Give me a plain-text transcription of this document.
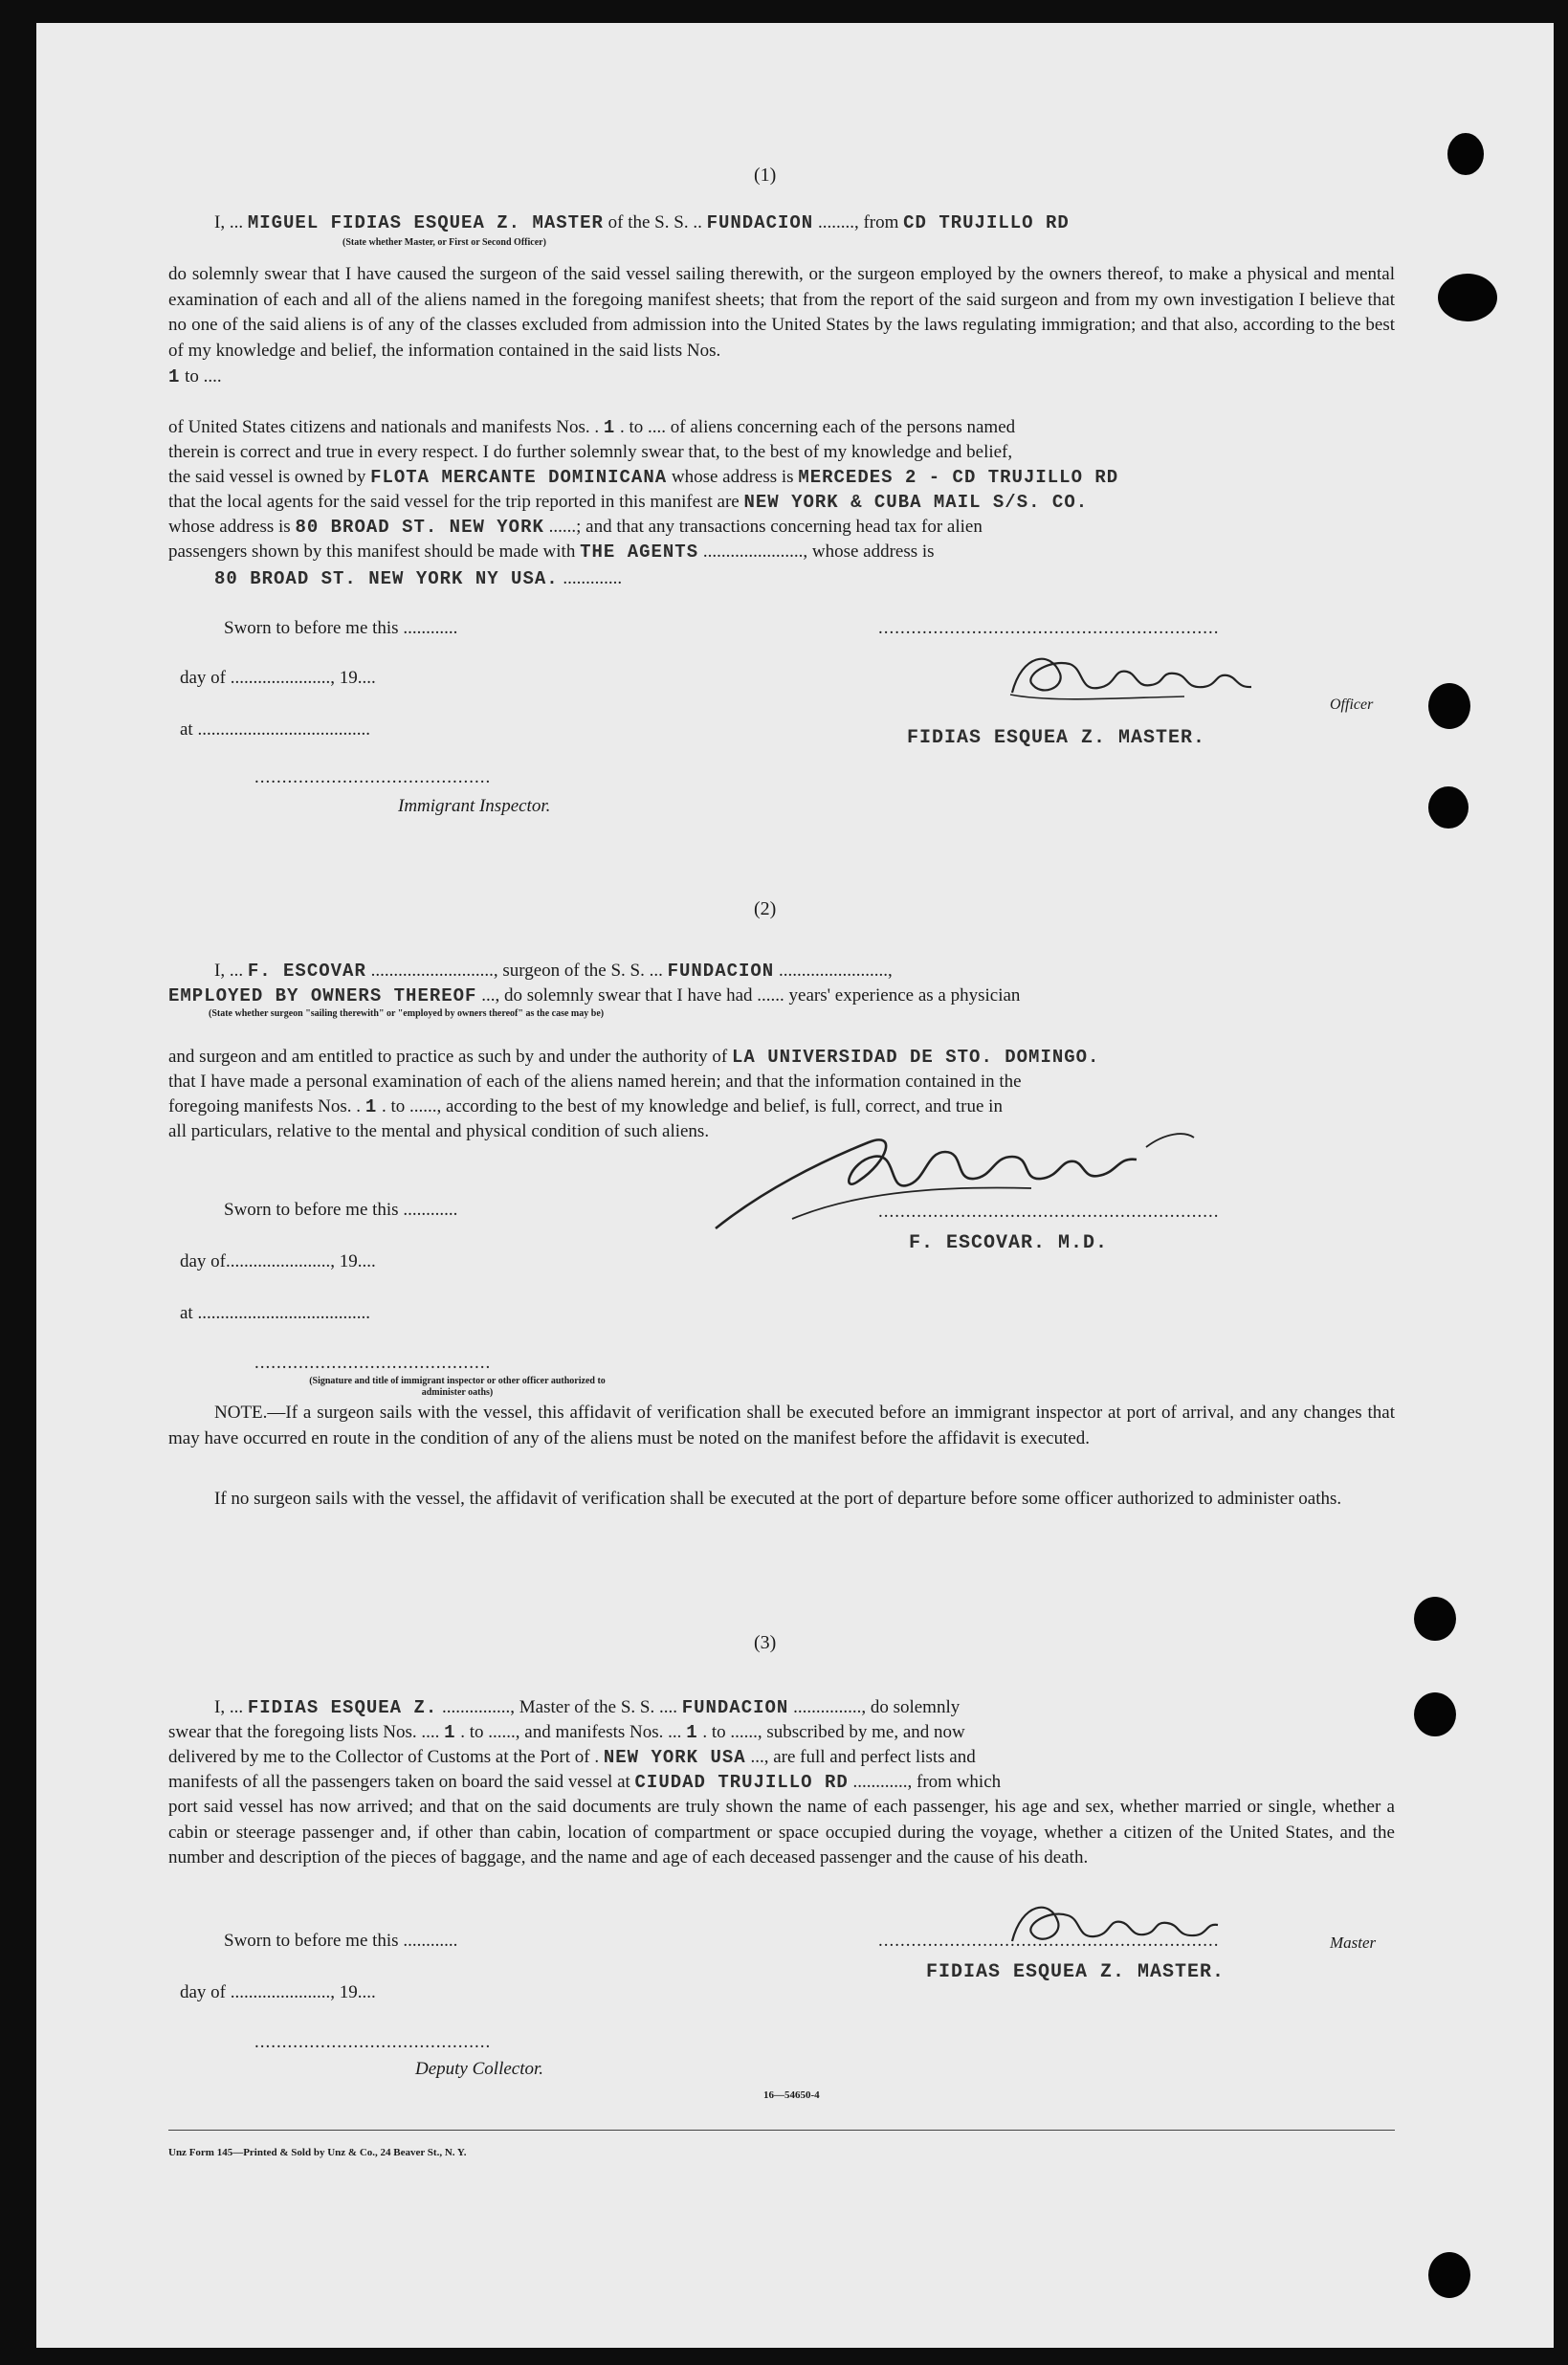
(1)
I, ... MIGUEL FIDIAS ESQUEA Z. MASTER of the S. S. .. FUNDACION ........, from CD TRUJILLO RD
(State whether Master, or First or Second Officer)
do solemnly swear that I have caused the surgeon of the said vessel sailing therewith, or the surgeon employed by the owners thereof, to make a physical and mental examination of each and all of the aliens named in the foregoing manifest sheets; that from the report of the said surgeon and from my own investigation I believe that no one of the said aliens is of any of the classes excluded from admission into the United States by the laws regulating immigration; and that also, according to the best of my knowledge and belief, the information contained in the said lists Nos.
1 to ....
of United States citizens and nationals and manifests Nos. . 1 . to .... of aliens concerning each of the persons named
therein is correct and true in every respect. I do further solemnly swear that, to the best of my knowledge and belief,
the said vessel is owned by FLOTA MERCANTE DOMINICANA whose address is MERCEDES 2 - CD TRUJILLO RD
that the local agents for the said vessel for the trip reported in this manifest are NEW YORK & CUBA MAIL S/S. CO.
whose address is 80 BROAD ST. NEW YORK ......; and that any transactions concerning head tax for alien
passengers shown by this manifest should be made with THE AGENTS ......................, whose address is
80 BROAD ST. NEW YORK NY USA. .............
Sworn to before me this ............
day of ......................, 19....
at ......................................
...........................................
Immigrant Inspector.
..............................................................
Officer
FIDIAS ESQUEA Z. MASTER.
(2)
I, ... F. ESCOVAR ..........................., surgeon of the S. S. ... FUNDACION ........................,
EMPLOYED BY OWNERS THEREOF ..., do solemnly swear that I have had ...... years' experience as a physician
(State whether surgeon "sailing therewith" or "employed by owners thereof" as the case may be)
and surgeon and am entitled to practice as such by and under the authority of LA UNIVERSIDAD DE STO. DOMINGO.
that I have made a personal examination of each of the aliens named herein; and that the information contained in the
foregoing manifests Nos. . 1 . to ......, according to the best of my knowledge and belief, is full, correct, and true in
all particulars, relative to the mental and physical condition of such aliens.
Sworn to before me this ............
day of......................., 19....
at ......................................
...........................................
(Signature and title of immigrant inspector or other officer authorized to administer oaths)
..............................................................
F. ESCOVAR. M.D.
NOTE.—If a surgeon sails with the vessel, this affidavit of verification shall be executed before an immigrant inspector at port of arrival, and any changes that may have occurred en route in the condition of any of the aliens must be noted on the manifest before the affidavit is executed.
If no surgeon sails with the vessel, the affidavit of verification shall be executed at the port of departure before some officer authorized to administer oaths.
(3)
I, ... FIDIAS ESQUEA Z. ..............., Master of the S. S. .... FUNDACION ..............., do solemnly
swear that the foregoing lists Nos. .... 1 . to ......, and manifests Nos. ... 1 . to ......, subscribed by me, and now
delivered by me to the Collector of Customs at the Port of . NEW YORK USA ..., are full and perfect lists and
manifests of all the passengers taken on board the said vessel at CIUDAD TRUJILLO RD ............, from which
port said vessel has now arrived; and that on the said documents are truly shown the name of each passenger, his age and sex, whether married or single, whether a cabin or steerage passenger and, if other than cabin, location of compartment or space occupied during the voyage, whether a citizen of the United States, and the number and description of the pieces of baggage, and the name and age of each deceased passenger and the cause of his death.
Sworn to before me this ............
day of ......................, 19....
...........................................
Deputy Collector.
..............................................................	Master
FIDIAS ESQUEA Z. MASTER.
16—54650-4
Unz Form 145—Printed & Sold by Unz & Co., 24 Beaver St., N. Y.
